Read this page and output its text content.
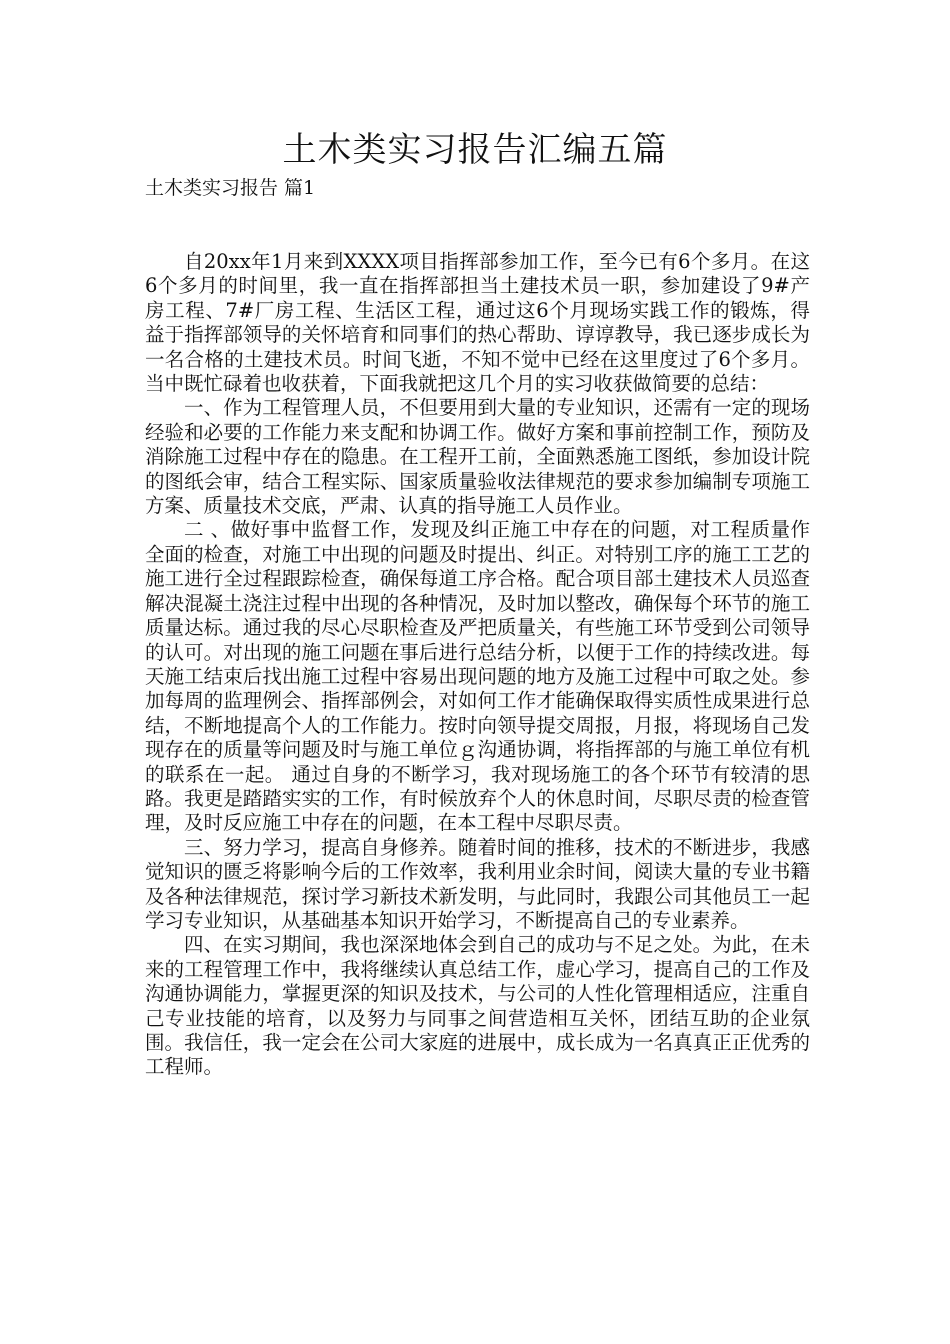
土木类实习报告汇编五篇
土木类实习报告 篇1

自20xx年1月来到XXXX项目指挥部参加工作，至今已有6个多月。在这6个多月的时间里，我一直在指挥部担当土建技术员一职，参加建设了9#产房工程、7#厂房工程、生活区工程，通过这6个月现场实践工作的锻炼，得益于指挥部领导的关怀培育和同事们的热心帮助、谆谆教导，我已逐步成长为一名合格的土建技术员。时间飞逝，不知不觉中已经在这里度过了6个多月。当中既忙碌着也收获着，下面我就把这几个月的实习收获做简要的总结：

一、作为工程管理人员，不但要用到大量的专业知识，还需有一定的现场经验和必要的工作能力来支配和协调工作。做好方案和事前控制工作，预防及消除施工过程中存在的隐患。在工程开工前，全面熟悉施工图纸，参加设计院的图纸会审，结合工程实际、国家质量验收法律规范的要求参加编制专项施工方案、质量技术交底，严肃、认真的指导施工人员作业。

二 、做好事中监督工作，发现及纠正施工中存在的问题，对工程质量作全面的检查，对施工中出现的问题及时提出、纠正。对特别工序的施工工艺的施工进行全过程跟踪检查，确保每道工序合格。配合项目部土建技术人员巡查解决混凝土浇注过程中出现的各种情况，及时加以整改，确保每个环节的施工质量达标。通过我的尽心尽职检查及严把质量关，有些施工环节受到公司领导的认可。对出现的施工问题在事后进行总结分析，以便于工作的持续改进。每天施工结束后找出施工过程中容易出现问题的地方及施工过程中可取之处。参加每周的监理例会、指挥部例会，对如何工作才能确保取得实质性成果进行总结，不断地提高个人的工作能力。按时向领导提交周报，月报，将现场自己发现存在的质量等问题及时与施工单位ｇ沟通协调，将指挥部的与施工单位有机的联系在一起。 通过自身的不断学习，我对现场施工的各个环节有较清的思路。我更是踏踏实实的工作，有时候放弃个人的休息时间，尽职尽责的检查管理，及时反应施工中存在的问题，在本工程中尽职尽责。

三、努力学习，提高自身修养。随着时间的推移，技术的不断进步，我感觉知识的匮乏将影响今后的工作效率，我利用业余时间，阅读大量的专业书籍及各种法律规范，探讨学习新技术新发明，与此同时，我跟公司其他员工一起学习专业知识，从基础基本知识开始学习，不断提高自己的专业素养。

四、在实习期间，我也深深地体会到自己的成功与不足之处。为此，在未来的工程管理工作中，我将继续认真总结工作，虚心学习，提高自己的工作及沟通协调能力，掌握更深的知识及技术，与公司的人性化管理相适应，注重自己专业技能的培育，以及努力与同事之间营造相互关怀，团结互助的企业氛围。我信任，我一定会在公司大家庭的进展中，成长成为一名真真正正优秀的工程师。
